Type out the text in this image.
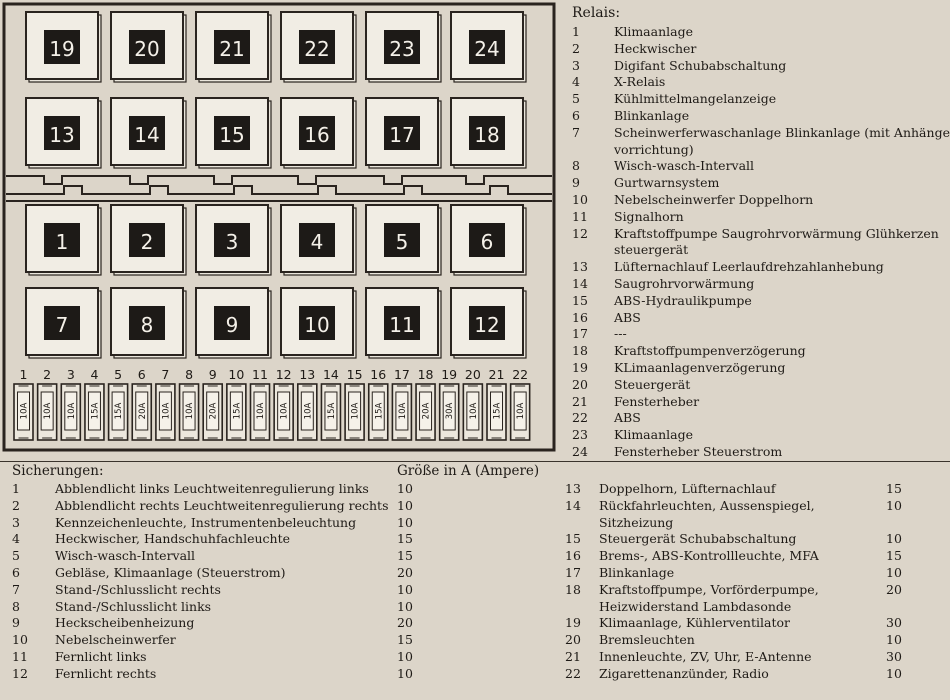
19	20	21	22	23	24
13	14	15	16	17	18
1	2	3	4	5	6
7	8	9	10	11	12
1
10A
2
10A
3
10A
4
15A
5
15A
6
20A
7
10A
8
10A
9
20A
10
15A
11
10A
12
10A
13
10A
14
15A
15
10A
16
15A
17
10A
18
20A
19
30A
20
10A
21
15A
22
10A
Relais:
1	Klimaanlage
2	Heckwischer
3	Digifant Schubabschaltung
4	X-Relais
5	Kühlmittelmangelanzeige
6	Blinkanlage
7	Scheinwerferwaschanlage Blinkanlage (mit Anhänge vorrichtung)
8	Wisch-wasch-Intervall
9	Gurtwarnsystem
10	Nebelscheinwerfer Doppelhorn
11	Signalhorn
12	Kraftstoffpumpe Saugrohrvorwärmung Glühkerzen steuergerät
13	Lüfternachlauf Leerlaufdrehzahlanhebung
14	Saugrohrvorwärmung
15	ABS-Hydraulikpumpe
16	ABS
17	---
18	Kraftstoffpumpenverzögerung
19	KLimaanlagenverzögerung
20	Steuergerät
21	Fensterheber
22	ABS
23	Klimaanlage
24	Fensterheber Steuerstrom
Sicherungen:	Größe in A (Ampere)
1	Abblendlicht links Leuchtweitenregulierung links	10
2	Abblendlicht rechts Leuchtweitenregulierung rechts 10
3	Kennzeichenleuchte, Instrumentenbeleuchtung	10
4	Heckwischer, Handschuhfachleuchte	15
5	Wisch-wasch-Intervall	15
6	Gebläse, Klimaanlage (Steuerstrom)	20
7	Stand-/Schlusslicht rechts	10
8	Stand-/Schlusslicht links	10
9	Heckscheibenheizung	20
10	Nebelscheinwerfer	15
11	Fernlicht links	10
12	Fernlicht rechts	10
13	Doppelhorn, Lüfternachlauf	15
14	Rückfahrleuchten, Aussenspiegel, Sitzheizung
10
15	Steuergerät Schubabschaltung	10
16	Brems-, ABS-Kontrollleuchte, MFA	15
17	Blinkanlage	10
18	Kraftstoffpumpe, Vorförderpumpe, Heizwiderstand Lambdasonde
20
19	Klimaanlage, Kühlerventilator	30
20	Bremsleuchten	10
21	Innenleuchte, ZV, Uhr, E-Antenne	30
22	Zigarettenanzünder, Radio	10
